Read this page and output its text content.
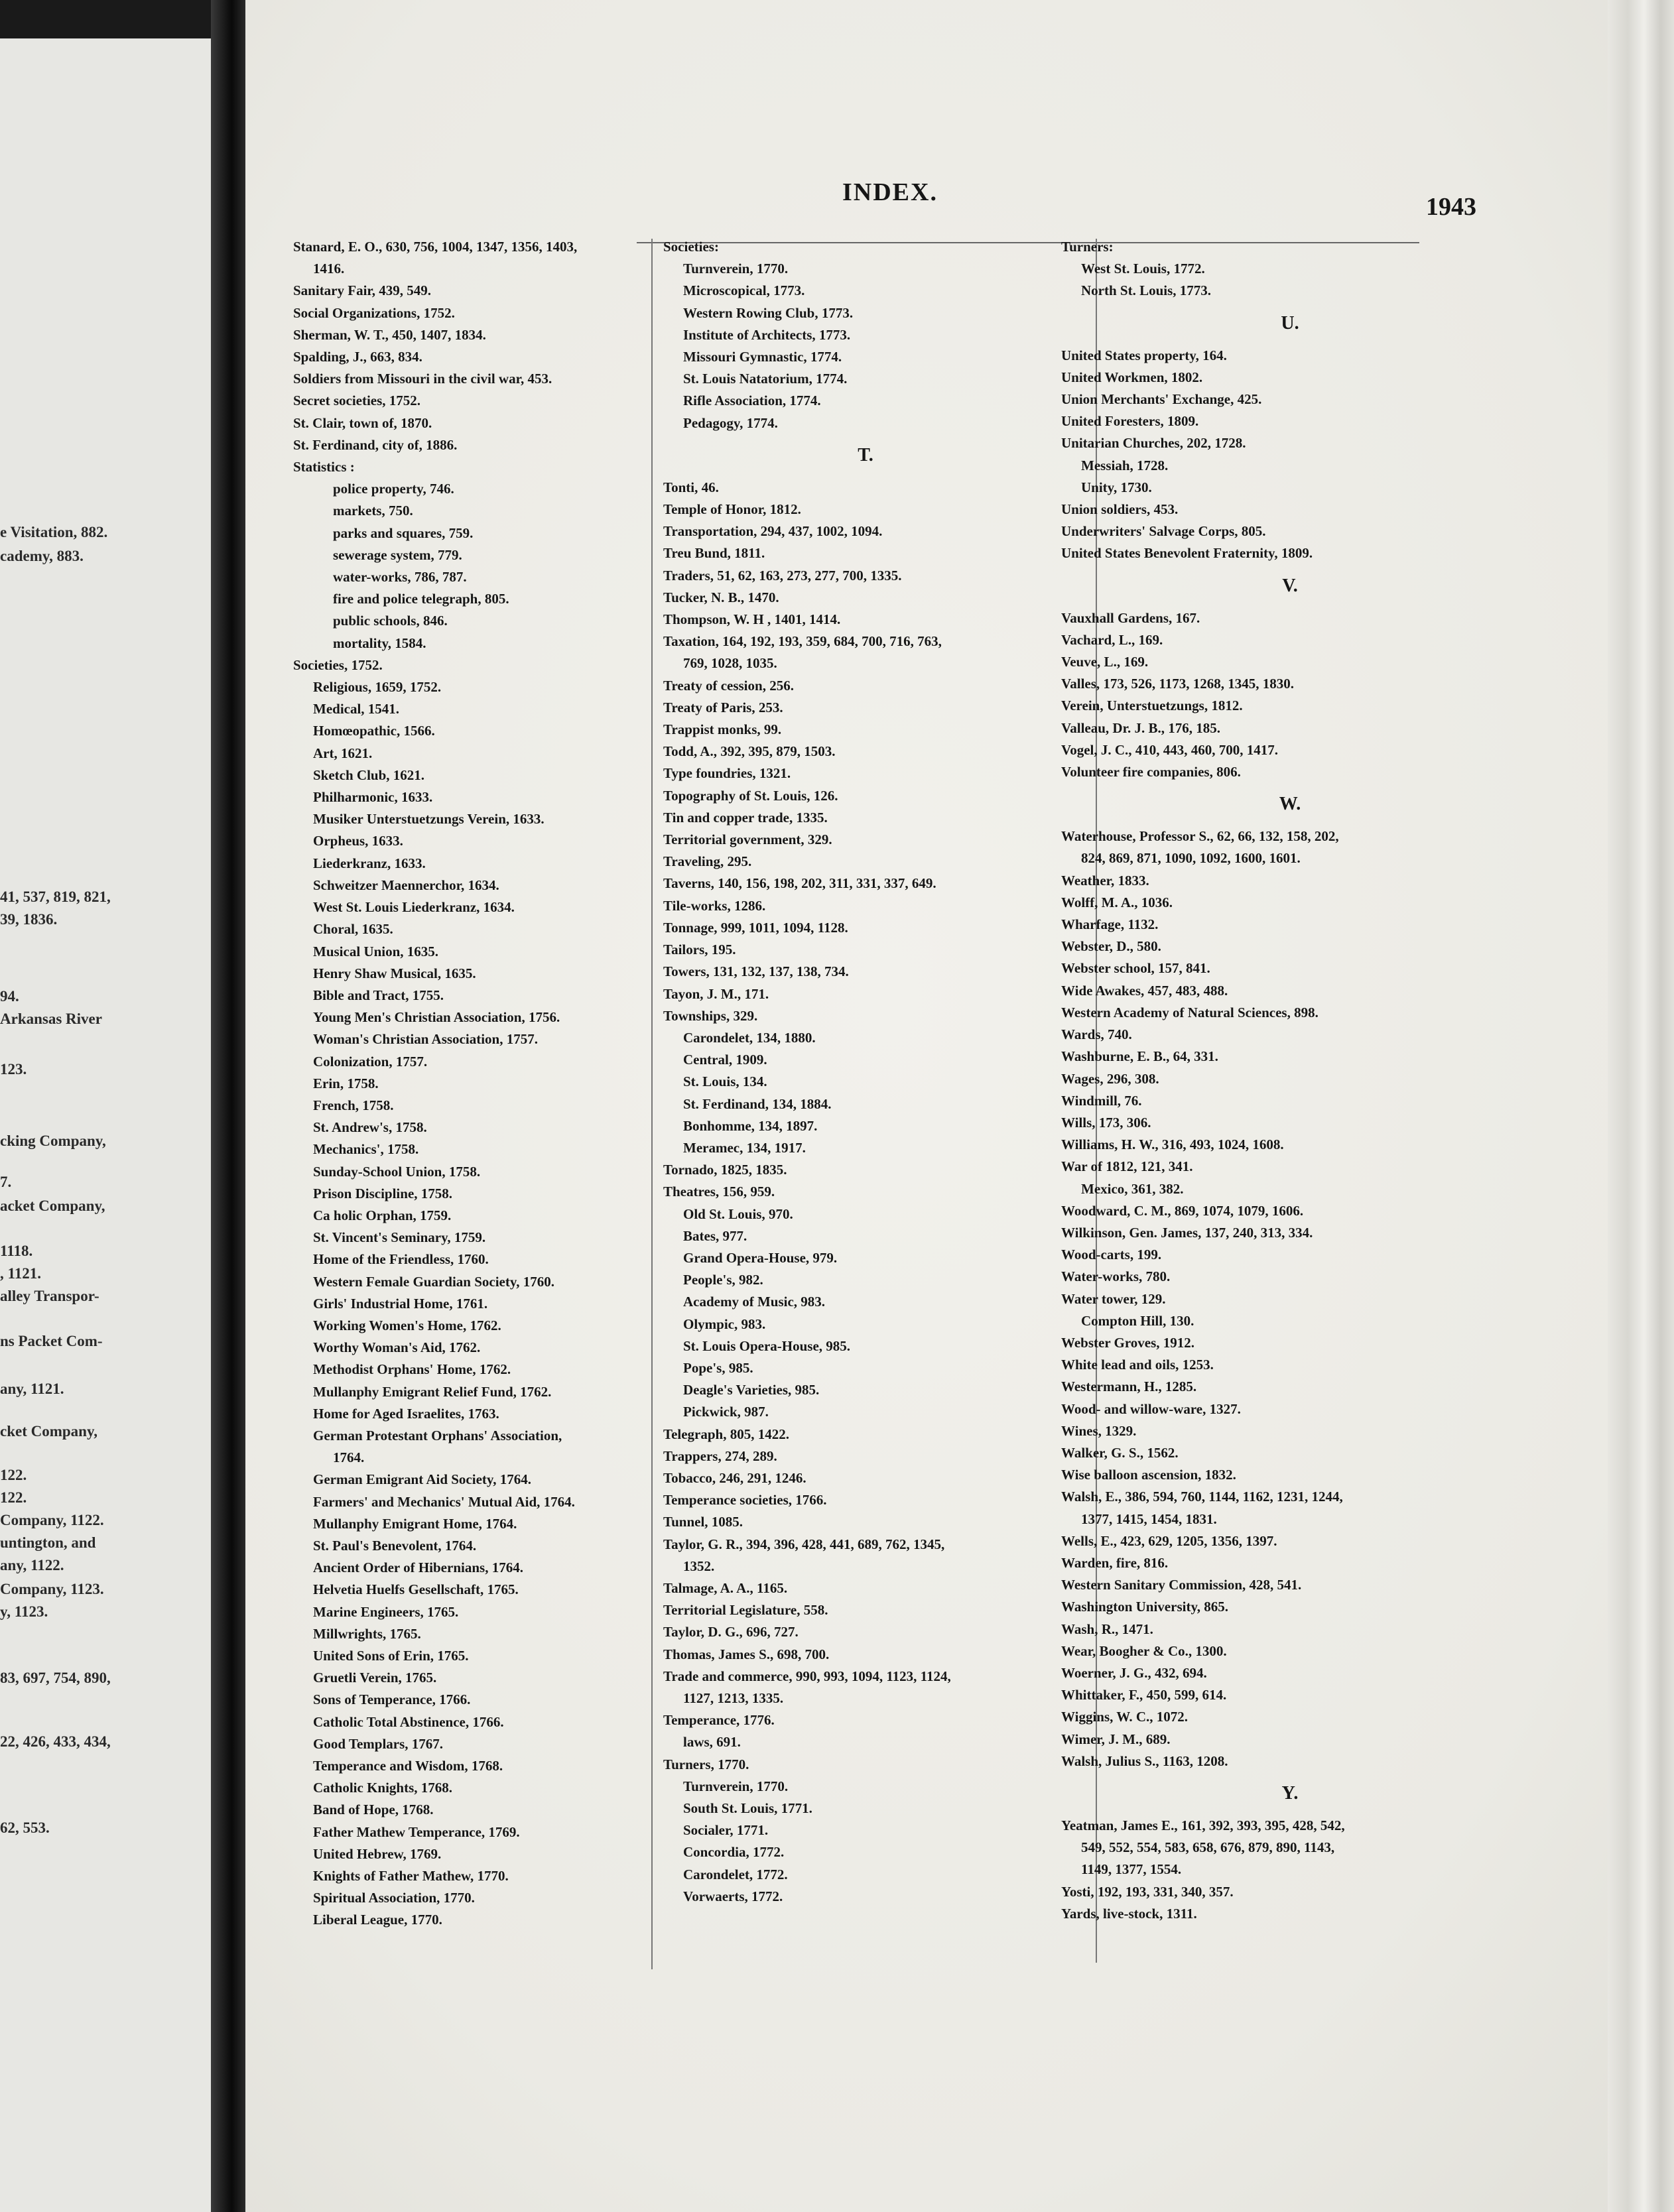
e Visitation, 882.
cademy, 883.
41, 537, 819, 821,
39, 1836.
94.
Arkansas River
123.
cking Company,
7.
acket Company,
1118.
, 1121.
alley Transpor-
ns Packet Com-
any, 1121.
cket Company,
122.
122.
Company, 1122.
untington, and
any, 1122.
Company, 1123.
y, 1123.
83, 697, 754, 890,
22, 426, 433, 434,
62, 553.
INDEX.
1943
Stanard, E. O., 630, 756, 1004, 1347, 1356, 1403,
1416.
Sanitary Fair, 439, 549.
Social Organizations, 1752.
Sherman, W. T., 450, 1407, 1834.
Spalding, J., 663, 834.
Soldiers from Missouri in the civil war, 453.
Secret societies, 1752.
St. Clair, town of, 1870.
St. Ferdinand, city of, 1886.
Statistics :
police property, 746.
markets, 750.
parks and squares, 759.
sewerage system, 779.
water-works, 786, 787.
fire and police telegraph, 805.
public schools, 846.
mortality, 1584.
Societies, 1752.
Religious, 1659, 1752.
Medical, 1541.
Homœopathic, 1566.
Art, 1621.
Sketch Club, 1621.
Philharmonic, 1633.
Musiker Unterstuetzungs Verein, 1633.
Orpheus, 1633.
Liederkranz, 1633.
Schweitzer Maennerchor, 1634.
West St. Louis Liederkranz, 1634.
Choral, 1635.
Musical Union, 1635.
Henry Shaw Musical, 1635.
Bible and Tract, 1755.
Young Men's Christian Association, 1756.
Woman's Christian Association, 1757.
Colonization, 1757.
Erin, 1758.
French, 1758.
St. Andrew's, 1758.
Mechanics', 1758.
Sunday-School Union, 1758.
Prison Discipline, 1758.
Ca holic Orphan, 1759.
St. Vincent's Seminary, 1759.
Home of the Friendless, 1760.
Western Female Guardian Society, 1760.
Girls' Industrial Home, 1761.
Working Women's Home, 1762.
Worthy Woman's Aid, 1762.
Methodist Orphans' Home, 1762.
Mullanphy Emigrant Relief Fund, 1762.
Home for Aged Israelites, 1763.
German Protestant Orphans' Association,
1764.
German Emigrant Aid Society, 1764.
Farmers' and Mechanics' Mutual Aid, 1764.
Mullanphy Emigrant Home, 1764.
St. Paul's Benevolent, 1764.
Ancient Order of Hibernians, 1764.
Helvetia Huelfs Gesellschaft, 1765.
Marine Engineers, 1765.
Millwrights, 1765.
United Sons of Erin, 1765.
Gruetli Verein, 1765.
Sons of Temperance, 1766.
Catholic Total Abstinence, 1766.
Good Templars, 1767.
Temperance and Wisdom, 1768.
Catholic Knights, 1768.
Band of Hope, 1768.
Father Mathew Temperance, 1769.
United Hebrew, 1769.
Knights of Father Mathew, 1770.
Spiritual Association, 1770.
Liberal League, 1770.
Societies:
Turnverein, 1770.
Microscopical, 1773.
Western Rowing Club, 1773.
Institute of Architects, 1773.
Missouri Gymnastic, 1774.
St. Louis Natatorium, 1774.
Rifle Association, 1774.
Pedagogy, 1774.
T.
Tonti, 46.
Temple of Honor, 1812.
Transportation, 294, 437, 1002, 1094.
Treu Bund, 1811.
Traders, 51, 62, 163, 273, 277, 700, 1335.
Tucker, N. B., 1470.
Thompson, W. H , 1401, 1414.
Taxation, 164, 192, 193, 359, 684, 700, 716, 763,
769, 1028, 1035.
Treaty of cession, 256.
Treaty of Paris, 253.
Trappist monks, 99.
Todd, A., 392, 395, 879, 1503.
Type foundries, 1321.
Topography of St. Louis, 126.
Tin and copper trade, 1335.
Territorial government, 329.
Traveling, 295.
Taverns, 140, 156, 198, 202, 311, 331, 337, 649.
Tile-works, 1286.
Tonnage, 999, 1011, 1094, 1128.
Tailors, 195.
Towers, 131, 132, 137, 138, 734.
Tayon, J. M., 171.
Townships, 329.
Carondelet, 134, 1880.
Central, 1909.
St. Louis, 134.
St. Ferdinand, 134, 1884.
Bonhomme, 134, 1897.
Meramec, 134, 1917.
Tornado, 1825, 1835.
Theatres, 156, 959.
Old St. Louis, 970.
Bates, 977.
Grand Opera-House, 979.
People's, 982.
Academy of Music, 983.
Olympic, 983.
St. Louis Opera-House, 985.
Pope's, 985.
Deagle's Varieties, 985.
Pickwick, 987.
Telegraph, 805, 1422.
Trappers, 274, 289.
Tobacco, 246, 291, 1246.
Temperance societies, 1766.
Tunnel, 1085.
Taylor, G. R., 394, 396, 428, 441, 689, 762, 1345,
1352.
Talmage, A. A., 1165.
Territorial Legislature, 558.
Taylor, D. G., 696, 727.
Thomas, James S., 698, 700.
Trade and commerce, 990, 993, 1094, 1123, 1124,
1127, 1213, 1335.
Temperance, 1776.
laws, 691.
Turners, 1770.
Turnverein, 1770.
South St. Louis, 1771.
Socialer, 1771.
Concordia, 1772.
Carondelet, 1772.
Vorwaerts, 1772.
Turners:
West St. Louis, 1772.
North St. Louis, 1773.
U.
United States property, 164.
United Workmen, 1802.
Union Merchants' Exchange, 425.
United Foresters, 1809.
Unitarian Churches, 202, 1728.
Messiah, 1728.
Unity, 1730.
Union soldiers, 453.
Underwriters' Salvage Corps, 805.
United States Benevolent Fraternity, 1809.
V.
Vauxhall Gardens, 167.
Vachard, L., 169.
Veuve, L., 169.
Valles, 173, 526, 1173, 1268, 1345, 1830.
Verein, Unterstuetzungs, 1812.
Valleau, Dr. J. B., 176, 185.
Vogel, J. C., 410, 443, 460, 700, 1417.
Volunteer fire companies, 806.
W.
Waterhouse, Professor S., 62, 66, 132, 158, 202,
824, 869, 871, 1090, 1092, 1600, 1601.
Weather, 1833.
Wolff, M. A., 1036.
Wharfage, 1132.
Webster, D., 580.
Webster school, 157, 841.
Wide Awakes, 457, 483, 488.
Western Academy of Natural Sciences, 898.
Wards, 740.
Washburne, E. B., 64, 331.
Wages, 296, 308.
Windmill, 76.
Wills, 173, 306.
Williams, H. W., 316, 493, 1024, 1608.
War of 1812, 121, 341.
Mexico, 361, 382.
Woodward, C. M., 869, 1074, 1079, 1606.
Wilkinson, Gen. James, 137, 240, 313, 334.
Wood-carts, 199.
Water-works, 780.
Water tower, 129.
Compton Hill, 130.
Webster Groves, 1912.
White lead and oils, 1253.
Westermann, H., 1285.
Wood- and willow-ware, 1327.
Wines, 1329.
Walker, G. S., 1562.
Wise balloon ascension, 1832.
Walsh, E., 386, 594, 760, 1144, 1162, 1231, 1244,
1377, 1415, 1454, 1831.
Wells, E., 423, 629, 1205, 1356, 1397.
Warden, fire, 816.
Western Sanitary Commission, 428, 541.
Washington University, 865.
Wash, R., 1471.
Wear, Boogher & Co., 1300.
Woerner, J. G., 432, 694.
Whittaker, F., 450, 599, 614.
Wiggins, W. C., 1072.
Wimer, J. M., 689.
Walsh, Julius S., 1163, 1208.
Y.
Yeatman, James E., 161, 392, 393, 395, 428, 542,
549, 552, 554, 583, 658, 676, 879, 890, 1143,
1149, 1377, 1554.
Yosti, 192, 193, 331, 340, 357.
Yards, live-stock, 1311.
